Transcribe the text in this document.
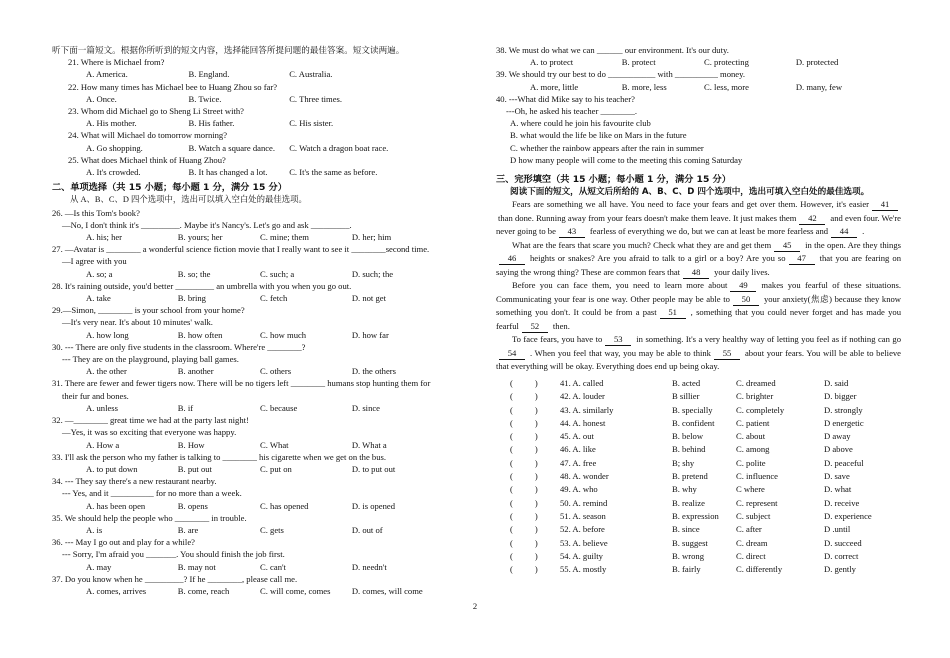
听下面一篇短文。根据你所听到的短文内容，选择能回答所提问题的最佳答案。短文读两遍。
21. Where is Michael from?
A. America.	B. England.	C. Australia.
22. How many times has Michael bee to Huang Zhou so far?
A. Once.	B. Twice.	C. Three times.
23. Whom did Michael go to Sheng Li Street with?
A. His mother.	B. His father.	C. His sister.
24. What will Michael do tomorrow morning?
A. Go shopping.	B. Watch a square dance.	C. Watch a dragon boat race.
25. What does Michael think of Huang Zhou?
A. It's crowded.	B. It has changed a lot.	C. It's the same as before.
二、单项选择（共 15 小题；每小题 1 分，满分 15 分）
从 A、B、C、D 四个选项中，选出可以填入空白处的最佳选项。
26. —Is this Tom's book?
—No, I don't think it's _________. Maybe it's Nancy's. Let's go and ask _________.
A. his; her	B. yours; her	C. mine; them	D. her; him
27. —Avatar is ________ a wonderful science fiction movie that I really want to see it ________second time.
—I agree with you
A. so; a	B. so; the	C. such; a	D. such; the
28. It's raining outside, you'd better _________ an umbrella with you when you go out.
A. take	B. bring	C. fetch	D. not get
29.—Simon, ________ is your school from your home?
—It's very near. It's about 10 minutes' walk.
A. how long	B. how often	C. how much	D. how far
30. --- There are only five students in the classroom. Where're ________?
--- They are on the playground, playing ball games.
A. the other	B. another	C. others	D. the others
31. There are fewer and fewer tigers now. There will be no tigers left ________ humans stop hunting them for
their fur and bones.
A. unless	B. if	C. because	D. since
32. —________ great time we had at the party last night!
—Yes, it was so exciting that everyone was happy.
A. How a	B. How	C. What	D. What a
33. I'll ask the person who my father is talking to ________ his cigarette when we get on the bus.
A. to put down	B. put out	C. put on	D. to put out
34. --- They say there's a new restaurant nearby.
--- Yes, and it __________ for no more than a week.
A. has been open	B. opens	C. has opened	D. is opened
35. We should help the people who ________ in trouble.
A. is	B. are	C. gets	D. out of
36. --- May I go out and play for a while?
--- Sorry, I'm afraid you _______. You should finish the job first.
A. may	B. may not	C. can't	D. needn't
37. Do you know when he _________? If he ________, please call me.
A. comes, arrives	B. come, reach	C. will come, comes	D. comes, will come
38. We must do what we can ______ our environment. It's our duty.
A. to protect	B. protect	C. protecting	D. protected
39. We should try our best to do ___________ with __________ money.
A. more, little	B. more, less	C. less, more	D. many, few
40. ---What did Mike say to his teacher?
---Oh, he asked his teacher ________.
A. where could he join his favourite club
B. what would the life be like on Mars in the future
C. whether the rainbow appears after the rain in summer
D how many people will come to the meeting this coming Saturday
三、完形填空（共 15 小题；每小题 1 分，满分 15 分）
阅读下面的短文，从短文后所给的 A、B、C、D 四个选项中，选出可填入空白处的最佳选项。
Fears are something we all have. You need to face your fears and get over them. However, it's easier 41than done. Running away from your fears doesn't make them leave. It just makes them 42 and even four. We're never going to be 43 fearless of everything we do, but we can at least be more fearless and 44 .
What are the fears that scare you much? Check what they are and get them 45 in the open. Are they things46 heights or snakes? Are you afraid to talk to a girl or a boy? Are you so 47 that you are fearing on saying the wrong thing? These are common fears that 48 your daily lives.
Before you can face them, you need to learn more about 49 makes you fearful of these situations. Communicating your fear is one way. Other people may be able to 50 your anxiety(焦虑) because they know something you don't. It could be from a past 51 , something that you could never forget and has made you fearful 52 then.
To face fears, you have to 53 in something. It's a very healthy way of letting you feel as if nothing can go54 . When you feel that way, you may be able to think 55 about your fears. You will be able to believe that everything will be okay. Everything does end up being okay.
(	)	41. A. called	B. acted	C. dreamed	D. said
(	)	42. A. louder	B sillier	C. brighter	D. bigger
(	)	43. A. similarly	B. specially	C. completely	D. strongly
(	)	44. A. honest	B. confident	C. patient	D energetic
(	)	45. A. out	B. below	C. about	D away
(	)	46. A. like	B. behind	C. among	D above
(	)	47. A. free	B; shy	C. polite	D. peaceful
(	)	48. A. wonder	B. pretend	C. influence	D. save
(	)	49. A. who	B. why	C where	D. what
(	)	50. A. remind	B. realize	C. represent	D. receive
(	)	51. A. season	B. expression	C. subject	D. experience
(	)	52. A. before	B. since	C. after	D .until
(	)	53. A. believe	B. suggest	C. dream	D. succeed
(	)	54. A. guilty	B. wrong	C. direct	D. correct
(	)	55. A. mostly	B. fairly	C. differently	D. gently
2
